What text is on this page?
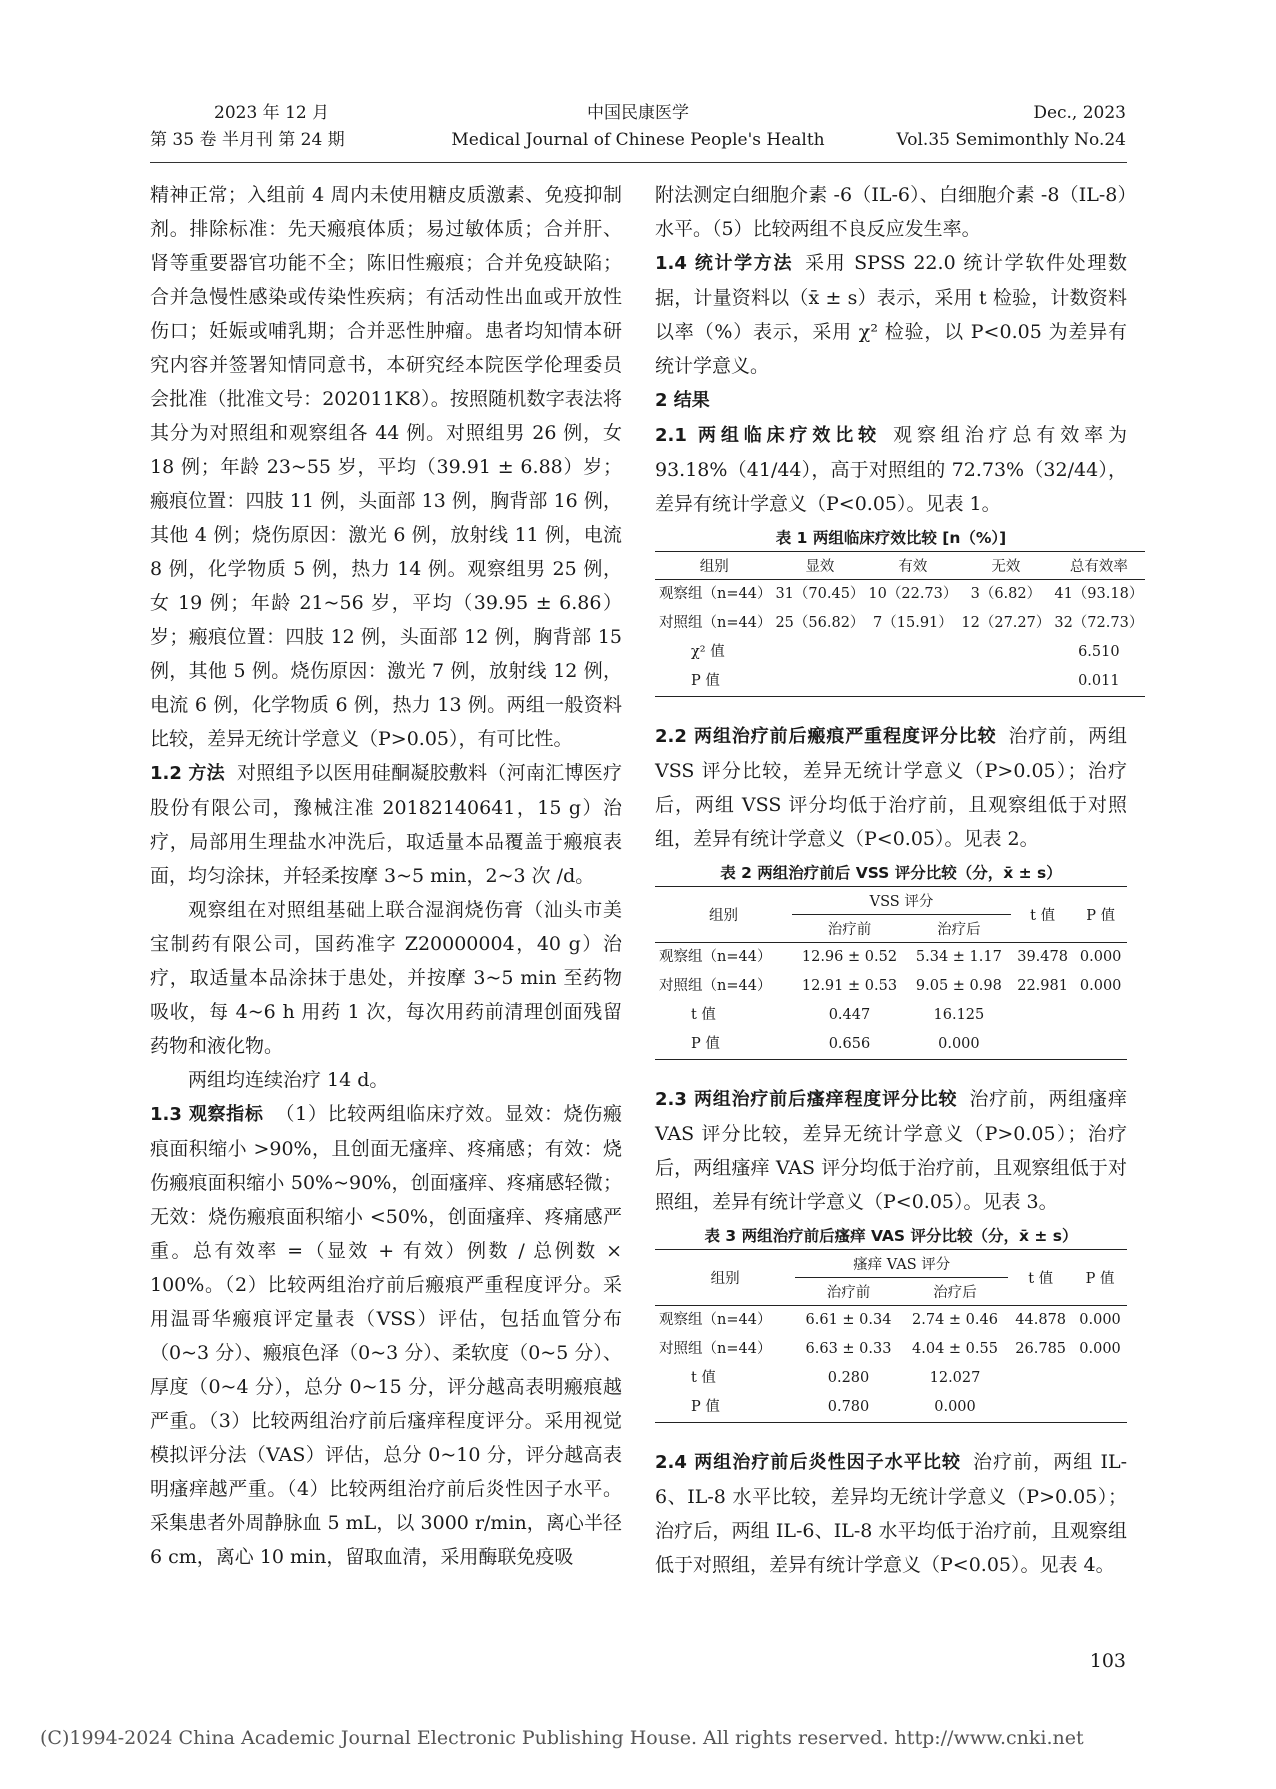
2023 年 12 月
第 35 卷 半月刊 第 24 期
中国民康医学
Medical Journal of Chinese People's Health
Dec., 2023
Vol.35 Semimonthly No.24

精神正常；入组前 4 周内未使用糖皮质激素、免疫抑制剂。排除标准：先天瘢痕体质；易过敏体质；合并肝、肾等重要器官功能不全；陈旧性瘢痕；合并免疫缺陷；合并急慢性感染或传染性疾病；有活动性出血或开放性伤口；妊娠或哺乳期；合并恶性肿瘤。患者均知情本研究内容并签署知情同意书，本研究经本院医学伦理委员会批准（批准文号：202011K8）。按照随机数字表法将其分为对照组和观察组各 44 例。对照组男 26 例，女 18 例；年龄 23~55 岁，平均（39.91 ± 6.88）岁；瘢痕位置：四肢 11 例，头面部 13 例，胸背部 16 例，其他 4 例；烧伤原因：激光 6 例，放射线 11 例，电流 8 例，化学物质 5 例，热力 14 例。观察组男 25 例，女 19 例；年龄 21~56 岁，平均（39.95 ± 6.86）岁；瘢痕位置：四肢 12 例，头面部 12 例，胸背部 15 例，其他 5 例。烧伤原因：激光 7 例，放射线 12 例，电流 6 例，化学物质 6 例，热力 13 例。两组一般资料比较，差异无统计学意义（P>0.05），有可比性。

1.2 方法 对照组予以医用硅酮凝胶敷料（河南汇博医疗股份有限公司，豫械注准 20182140641，15 g）治疗，局部用生理盐水冲洗后，取适量本品覆盖于瘢痕表面，均匀涂抹，并轻柔按摩 3~5 min，2~3 次 /d。

观察组在对照组基础上联合湿润烧伤膏（汕头市美宝制药有限公司，国药准字 Z20000004，40 g）治疗，取适量本品涂抹于患处，并按摩 3~5 min 至药物吸收，每 4~6 h 用药 1 次，每次用药前清理创面残留药物和液化物。

两组均连续治疗 14 d。

1.3 观察指标 （1）比较两组临床疗效。显效：烧伤瘢痕面积缩小 >90%，且创面无瘙痒、疼痛感；有效：烧伤瘢痕面积缩小 50%~90%，创面瘙痒、疼痛感轻微；无效：烧伤瘢痕面积缩小 <50%，创面瘙痒、疼痛感严重。总有效率 =（显效 + 有效）例数 / 总例数 × 100%。（2）比较两组治疗前后瘢痕严重程度评分。采用温哥华瘢痕评定量表（VSS）评估，包括血管分布（0~3 分）、瘢痕色泽（0~3 分）、柔软度（0~5 分）、厚度（0~4 分），总分 0~15 分，评分越高表明瘢痕越严重。（3）比较两组治疗前后瘙痒程度评分。采用视觉模拟评分法（VAS）评估，总分 0~10 分，评分越高表明瘙痒越严重。（4）比较两组治疗前后炎性因子水平。采集患者外周静脉血 5 mL，以 3000 r/min，离心半径 6 cm，离心 10 min，留取血清，采用酶联免疫吸

附法测定白细胞介素 -6（IL-6）、白细胞介素 -8（IL-8）水平。（5）比较两组不良反应发生率。

1.4 统计学方法 采用 SPSS 22.0 统计学软件处理数据，计量资料以（x̄ ± s）表示，采用 t 检验，计数资料以率（%）表示，采用 χ² 检验，以 P<0.05 为差异有统计学意义。

2 结果

2.1 两组临床疗效比较 观察组治疗总有效率为 93.18%（41/44），高于对照组的 72.73%（32/44），差异有统计学意义（P<0.05）。见表 1。

表 1 两组临床疗效比较 [n（%）]
组别	显效	有效	无效	总有效率
观察组（n=44）	31（70.45）	10（22.73）	3（6.82）	41（93.18）
对照组（n=44）	25（56.82）	7（15.91）	12（27.27）	32（72.73）
χ² 值				6.510
P 值				0.011

2.2 两组治疗前后瘢痕严重程度评分比较 治疗前，两组 VSS 评分比较，差异无统计学意义（P>0.05）；治疗后，两组 VSS 评分均低于治疗前，且观察组低于对照组，差异有统计学意义（P<0.05）。见表 2。

表 2 两组治疗前后 VSS 评分比较（分，x̄ ± s）
组别	VSS 评分		t 值	P 值
	治疗前	治疗后		
观察组（n=44）	12.96 ± 0.52	5.34 ± 1.17	39.478	0.000
对照组（n=44）	12.91 ± 0.53	9.05 ± 0.98	22.981	0.000
t 值	0.447	16.125		
P 值	0.656	0.000		

2.3 两组治疗前后瘙痒程度评分比较 治疗前，两组瘙痒 VAS 评分比较，差异无统计学意义（P>0.05）；治疗后，两组瘙痒 VAS 评分均低于治疗前，且观察组低于对照组，差异有统计学意义（P<0.05）。见表 3。

表 3 两组治疗前后瘙痒 VAS 评分比较（分，x̄ ± s）
组别	瘙痒 VAS 评分		t 值	P 值
	治疗前	治疗后		
观察组（n=44）	6.61 ± 0.34	2.74 ± 0.46	44.878	0.000
对照组（n=44）	6.63 ± 0.33	4.04 ± 0.55	26.785	0.000
t 值	0.280	12.027		
P 值	0.780	0.000		

2.4 两组治疗前后炎性因子水平比较 治疗前，两组 IL-6、IL-8 水平比较，差异均无统计学意义（P>0.05）；治疗后，两组 IL-6、IL-8 水平均低于治疗前，且观察组低于对照组，差异有统计学意义（P<0.05）。见表 4。

103
(C)1994-2024 China Academic Journal Electronic Publishing House. All rights reserved. http://www.cnki.net
